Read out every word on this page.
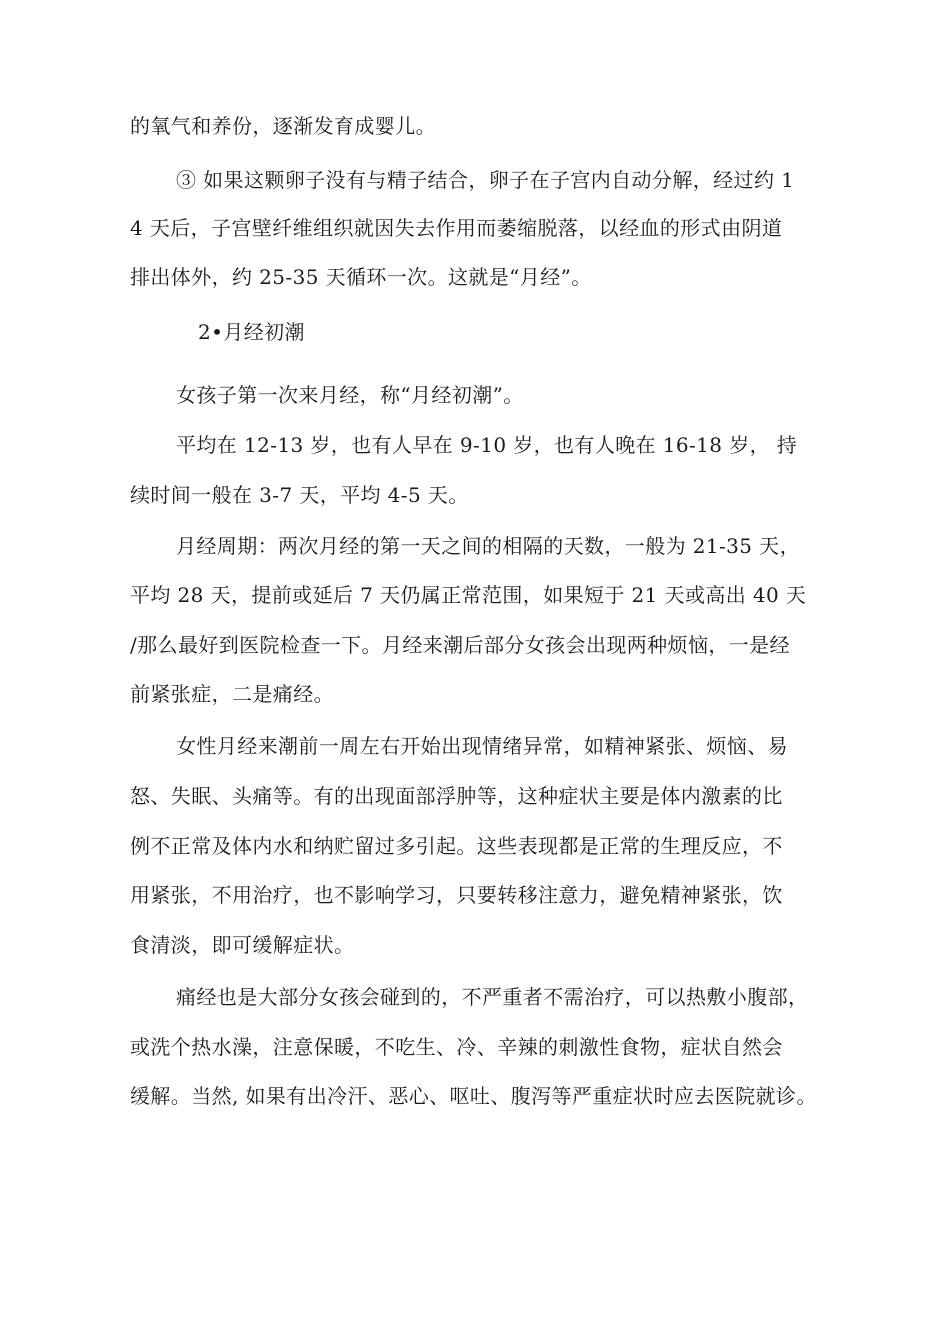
的氧气和养份，逐渐发育成婴儿。
③ 如果这颗卵子没有与精子结合，卵子在子宫内自动分解，经过约 1
4 天后，子宫壁纤维组织就因失去作用而萎缩脱落，以经血的形式由阴道
排出体外，约 25-35 天循环一次。这就是“月经”。
2•月经初潮
女孩子第一次来月经，称“月经初潮”。
平均在 12-13 岁，也有人早在 9-10 岁，也有人晚在 16-18 岁， 持
续时间一般在 3-7 天，平均 4-5 天。
月经周期：两次月经的第一天之间的相隔的天数，一般为 21-35 天，
平均 28 天，提前或延后 7 天仍属正常范围，如果短于 21 天或高出 40 天
/那么最好到医院检查一下。月经来潮后部分女孩会出现两种烦恼，一是经
前紧张症，二是痛经。
女性月经来潮前一周左右开始出现情绪异常，如精神紧张、烦恼、易
怒、失眠、头痛等。有的出现面部浮肿等，这种症状主要是体内激素的比
例不正常及体内水和纳贮留过多引起。这些表现都是正常的生理反应，不
用紧张，不用治疗，也不影响学习，只要转移注意力，避免精神紧张，饮
食清淡，即可缓解症状。
痛经也是大部分女孩会碰到的，不严重者不需治疗，可以热敷小腹部，
或洗个热水澡，注意保暖，不吃生、冷、辛辣的刺激性食物，症状自然会
缓解。当然, 如果有出冷汗、恶心、呕吐、腹泻等严重症状时应去医院就诊。
